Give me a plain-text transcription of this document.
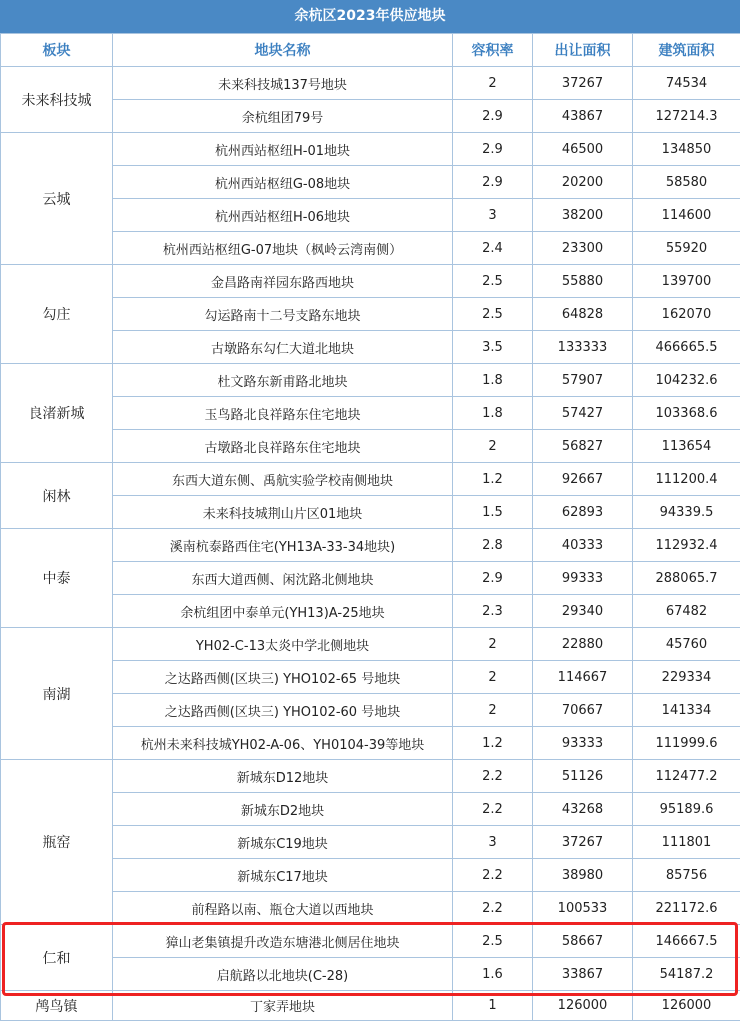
余杭区2023年供应地块
板块	地块名称	容积率	出让面积	建筑面积
未来科技城	未来科技城137号地块	2	37267	74534
	余杭组团79号	2.9	43867	127214.3
云城	杭州西站枢纽H-01地块	2.9	46500	134850
	杭州西站枢纽G-08地块	2.9	20200	58580
	杭州西站枢纽H-06地块	3	38200	114600
	杭州西站枢纽G-07地块（枫岭云湾南侧）	2.4	23300	55920
勾庄	金昌路南祥园东路西地块	2.5	55880	139700
	勾运路南十二号支路东地块	2.5	64828	162070
	古墩路东勾仁大道北地块	3.5	133333	466665.5
良渚新城	杜文路东新甫路北地块	1.8	57907	104232.6
	玉鸟路北良祥路东住宅地块	1.8	57427	103368.6
	古墩路北良祥路东住宅地块	2	56827	113654
闲林	东西大道东侧、禹航实验学校南侧地块	1.2	92667	111200.4
	未来科技城荆山片区01地块	1.5	62893	94339.5
中泰	溪南杭泰路西住宅(YH13A-33-34地块)	2.8	40333	112932.4
	东西大道西侧、闲沈路北侧地块	2.9	99333	288065.7
	余杭组团中泰单元(YH13)A-25地块	2.3	29340	67482
南湖	YH02-C-13太炎中学北侧地块	2	22880	45760
	之达路西侧(区块三) YHO102-65 号地块	2	114667	229334
	之达路西侧(区块三) YHO102-60 号地块	2	70667	141334
	杭州未来科技城YH02-A-06、YH0104-39等地块	1.2	93333	111999.6
瓶窑	新城东D12地块	2.2	51126	112477.2
	新城东D2地块	2.2	43268	95189.6
	新城东C19地块	3	37267	111801
	新城东C17地块	2.2	38980	85756
	前程路以南、瓶仓大道以西地块	2.2	100533	221172.6
仁和	獐山老集镇提升改造东塘港北侧居住地块	2.5	58667	146667.5
	启航路以北地块(C-28)	1.6	33867	54187.2
鸬鸟镇	丁家弄地块	1	126000	126000
